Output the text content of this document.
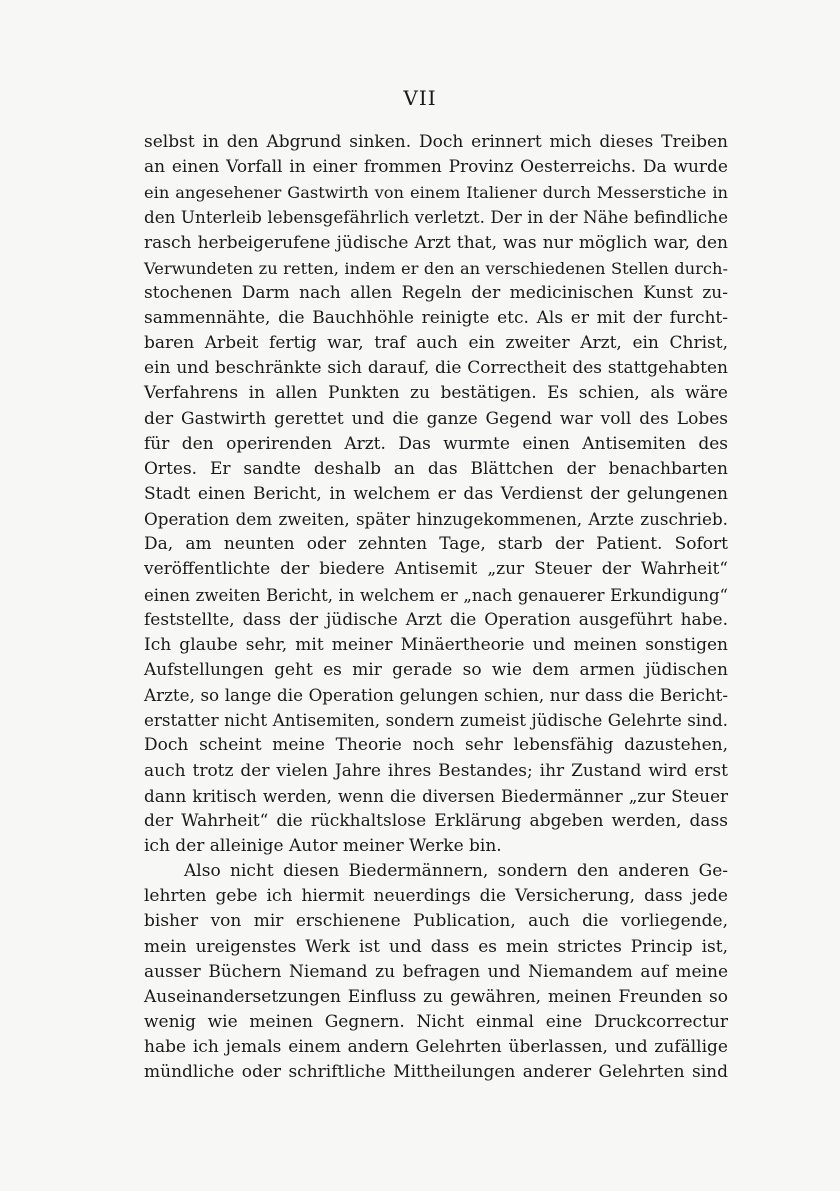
VII
selbst in den Abgrund sinken. Doch erinnert mich dieses Treiben
an einen Vorfall in einer frommen Provinz Oesterreichs. Da wurde
ein angesehener Gastwirth von einem Italiener durch Messerstiche in
den Unterleib lebensgefährlich verletzt. Der in der Nähe befindliche
rasch herbeigerufene jüdische Arzt that, was nur möglich war, den
Verwundeten zu retten, indem er den an verschiedenen Stellen durch-
stochenen Darm nach allen Regeln der medicinischen Kunst zu-
sammennähte, die Bauchhöhle reinigte etc. Als er mit der furcht-
baren Arbeit fertig war, traf auch ein zweiter Arzt, ein Christ,
ein und beschränkte sich darauf, die Correctheit des stattgehabten
Verfahrens in allen Punkten zu bestätigen. Es schien, als wäre
der Gastwirth gerettet und die ganze Gegend war voll des Lobes
für den operirenden Arzt. Das wurmte einen Antisemiten des
Ortes. Er sandte deshalb an das Blättchen der benachbarten
Stadt einen Bericht, in welchem er das Verdienst der gelungenen
Operation dem zweiten, später hinzugekommenen, Arzte zuschrieb.
Da, am neunten oder zehnten Tage, starb der Patient. Sofort
veröffentlichte der biedere Antisemit „zur Steuer der Wahrheit“
einen zweiten Bericht, in welchem er „nach genauerer Erkundigung“
feststellte, dass der jüdische Arzt die Operation ausgeführt habe.
Ich glaube sehr, mit meiner Minäertheorie und meinen sonstigen
Aufstellungen geht es mir gerade so wie dem armen jüdischen
Arzte, so lange die Operation gelungen schien, nur dass die Bericht-
erstatter nicht Antisemiten, sondern zumeist jüdische Gelehrte sind.
Doch scheint meine Theorie noch sehr lebensfähig dazustehen,
auch trotz der vielen Jahre ihres Bestandes; ihr Zustand wird erst
dann kritisch werden, wenn die diversen Biedermänner „zur Steuer
der Wahrheit“ die rückhaltslose Erklärung abgeben werden, dass
ich der alleinige Autor meiner Werke bin.
Also nicht diesen Biedermännern, sondern den anderen Ge-
lehrten gebe ich hiermit neuerdings die Versicherung, dass jede
bisher von mir erschienene Publication, auch die vorliegende,
mein ureigenstes Werk ist und dass es mein strictes Princip ist,
ausser Büchern Niemand zu befragen und Niemandem auf meine
Auseinandersetzungen Einfluss zu gewähren, meinen Freunden so
wenig wie meinen Gegnern. Nicht einmal eine Druckcorrectur
habe ich jemals einem andern Gelehrten überlassen, und zufällige
mündliche oder schriftliche Mittheilungen anderer Gelehrten sind
